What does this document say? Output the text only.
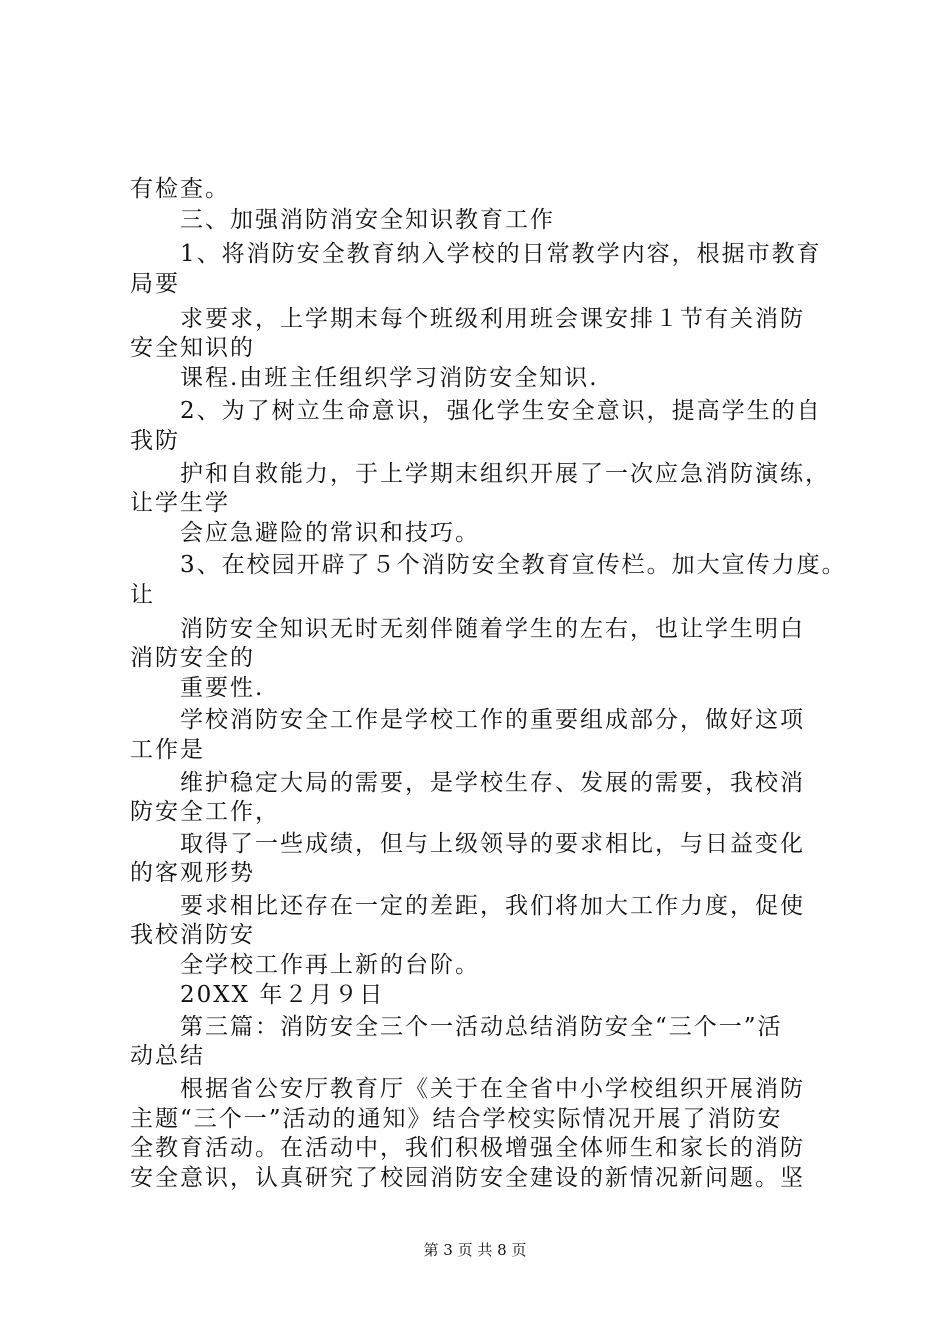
有检查。

三、加强消防消安全知识教育工作

1、将消防安全教育纳入学校的日常教学内容，根据市教育

局要

求要求，上学期末每个班级利用班会课安排１节有关消防

安全知识的

课程.由班主任组织学习消防安全知识.

2、为了树立生命意识，强化学生安全意识，提高学生的自

我防

护和自救能力，于上学期末组织开展了一次应急消防演练，

让学生学

会应急避险的常识和技巧。

3、在校园开辟了５个消防安全教育宣传栏。加大宣传力度。

让

消防安全知识无时无刻伴随着学生的左右，也让学生明白

消防安全的

重要性.

学校消防安全工作是学校工作的重要组成部分，做好这项

工作是

维护稳定大局的需要，是学校生存、发展的需要，我校消

防安全工作，

取得了一些成绩，但与上级领导的要求相比，与日益变化

的客观形势

要求相比还存在一定的差距，我们将加大工作力度，促使

我校消防安

全学校工作再上新的台阶。

20XX 年２月９日

第三篇：消防安全三个一活动总结消防安全“三个一”活

动总结

根据省公安厅教育厅《关于在全省中小学校组织开展消防

主题“三个一”活动的通知》结合学校实际情况开展了消防安

全教育活动。在活动中，我们积极增强全体师生和家长的消防

安全意识，认真研究了校园消防安全建设的新情况新问题。坚

第 3 页 共 8 页
